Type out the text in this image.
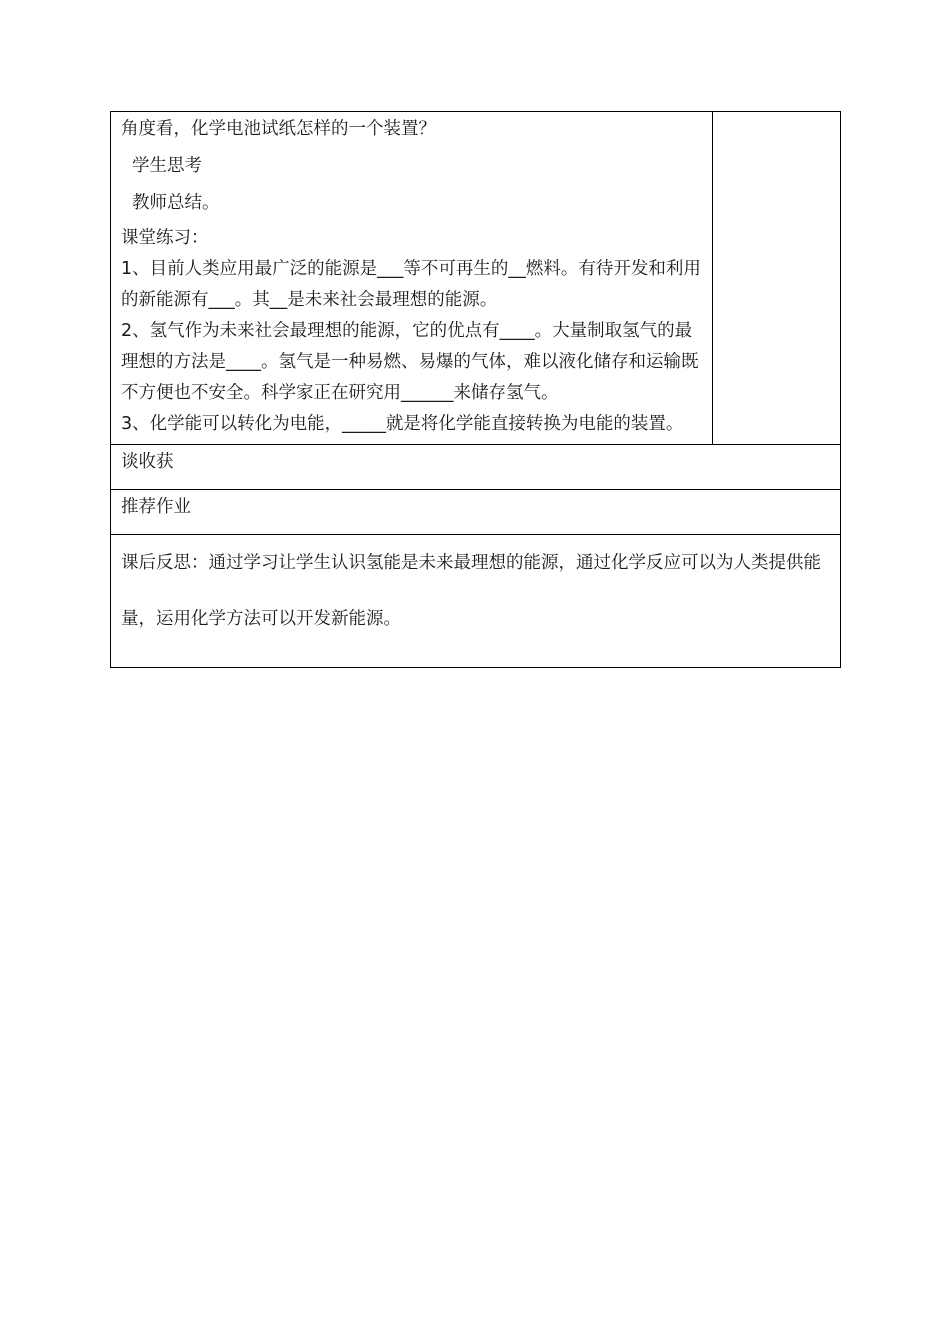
角度看，化学电池试纸怎样的一个装置？

学生思考

教师总结。

课堂练习：

1、目前人类应用最广泛的能源是___等不可再生的__燃料。有待开发和利用的新能源有___。其__是未来社会最理想的能源。

2、氢气作为未来社会最理想的能源，它的优点有____。大量制取氢气的最理想的方法是____。氢气是一种易燃、易爆的气体，难以液化储存和运输既不方便也不安全。科学家正在研究用______来储存氢气。

3、化学能可以转化为电能，_____就是将化学能直接转换为电能的装置。

谈收获

推荐作业

课后反思：通过学习让学生认识氢能是未来最理想的能源，通过化学反应可以为人类提供能量，运用化学方法可以开发新能源。
